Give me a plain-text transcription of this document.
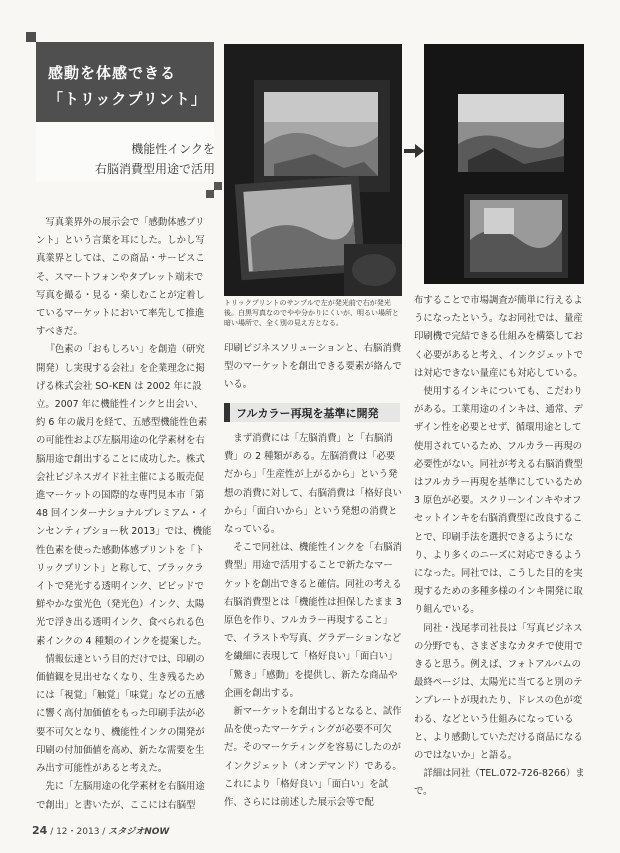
感動を体感できる
「トリックプリント」
機能性インクを
右脳消費型用途で活用
トリックプリントのサンプルで左が発光前で右が発光後。白黒写真なのでやや分かりにくいが、明るい場所と暗い場所で、全く別の見え方となる。

写真業界外の展示会で「感動体感プリント」という言葉を耳にした。しかし写真業界としては、この商品・サービスこそ、スマートフォンやタブレット端末で写真を撮る・見る・楽しむことが定着しているマーケットにおいて率先して推進すべきだ。

『色素の「おもしろい」を創造（研究開発）し実現する会社』を企業理念に掲げる株式会社 SO-KEN は 2002 年に設立。2007 年に機能性インクと出会い、約 6 年の歳月を経て、五感型機能性色素の可能性および左脳用途の化学素材を右脳用途で創出することに成功した。株式会社ビジネスガイド社主催による販売促進マーケットの国際的な専門見本市「第 48 回インターナショナルプレミアム・インセンティブショー秋 2013」では、機能性色素を使った感動体感プリントを「トリックプリント」と称して、ブラックライトで発光する透明インク、ビビッドで鮮やかな蛍光色（発光色）インク、太陽光で浮き出る透明インク、食べられる色素インクの 4 種類のインクを提案した。

情報伝達という目的だけでは、印刷の価値観を見出せなくなり、生き残るためには「視覚」「触覚」「味覚」などの五感に響く高付加価値をもった印刷手法が必要不可欠となり、機能性インクの開発が印刷の付加価値を高め、新たな需要を生み出す可能性があると考えた。

先に「左脳用途の化学素材を右脳用途で創出」と書いたが、ここには右脳型

印刷ビジネスソリューションと、右脳消費型のマーケットを創出できる要素が絡んでいる。

フルカラー再現を基準に開発

まず消費には「左脳消費」と「右脳消費」の 2 種類がある。左脳消費は「必要だから」「生産性が上がるから」という発想の消費に対して、右脳消費は「格好良いから」「面白いから」という発想の消費となっている。

そこで同社は、機能性インクを「右脳消費型」用途で活用することで新たなマーケットを創出できると確信。同社の考える右脳消費型とは「機能性は担保したまま 3 原色を作り、フルカラー再現すること」で、イラストや写真、グラデーションなどを繊細に表現して「格好良い」「面白い」「驚き」「感動」を提供し、新たな商品や企画を創出する。

新マーケットを創出するとなると、試作品を使ったマーケティングが必要不可欠だ。そのマーケティングを容易にしたのがインクジェット（オンデマンド）である。これにより「格好良い」「面白い」を試作、さらには前述した展示会等で配

布することで市場調査が簡単に行えるようになったという。なお同社では、量産印刷機で完結できる仕組みを構築しておく必要があると考え、インクジェットでは対応できない量産にも対応している。

使用するインキについても、こだわりがある。工業用途のインキは、通常、デザイン性を必要とせず、循環用途として使用されているため、フルカラー再現の必要性がない。同社が考える右脳消費型はフルカラー再現を基準にしているため 3 原色が必要。スクリーンインキやオフセットインキを右脳消費型に改良することで、印刷手法を選択できるようになり、より多くのニーズに対応できるようになった。同社では、こうした目的を実現するための多種多様のインキ開発に取り組んでいる。

同社・浅尾孝司社長は「写真ビジネスの分野でも、さまざまなカタチで使用できると思う。例えば、フォトアルバムの最終ページは、太陽光に当てると別のテンプレートが現れたり、ドレスの色が変わる、などという仕組みになっていると、より感動していただける商品になるのではないか」と語る。

詳細は同社（TEL.072-726-8266）まで。

24 / 12・2013 / スタジオNOW
